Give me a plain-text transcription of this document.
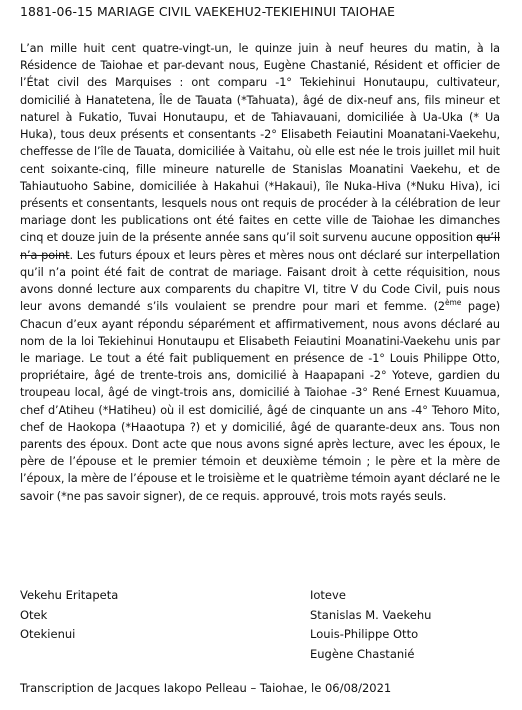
1881-06-15 MARIAGE CIVIL VAEKEHU2-TEKIEHINUI TAIOHAE
L’an mille huit cent quatre-vingt-un, le quinze juin à neuf heures du matin, à la Résidence de Taiohae et par-devant nous, Eugène Chastanié, Résident et officier de l’État civil des Marquises : ont comparu -1° Tekiehinui Honutaupu, cultivateur, domicilié à Hanatetena, Île de Tauata (*Tahuata), âgé de dix-neuf ans, fils mineur et naturel à Fukatio, Tuvai Honutaupu, et de Tahiavauani, domiciliée à Ua-Uka (* Ua Huka), tous deux présents et consentants -2° Elisabeth Feiautini Moanatani-Vaekehu, cheffesse de l’île de Tauata, domiciliée à Vaitahu, où elle est née le trois juillet mil huit cent soixante-cinq, fille mineure naturelle de Stanislas Moanatini Vaekehu, et de Tahiautuoho Sabine, domiciliée à Hakahui (*Hakaui), île Nuka-Hiva (*Nuku Hiva), ici présents et consentants, lesquels nous ont requis de procéder à la célébration de leur mariage dont les publications ont été faites en cette ville de Taiohae les dimanches cinq et douze juin de la présente année sans qu’il soit survenu aucune opposition qu’il n’a point. Les futurs époux et leurs pères et mères nous ont déclaré sur interpellation qu’il n’a point été fait de contrat de mariage. Faisant droit à cette réquisition, nous avons donné lecture aux comparents du chapitre VI, titre V du Code Civil, puis nous leur avons demandé s’ils voulaient se prendre pour mari et femme. (2ème page) Chacun d’eux ayant répondu séparément et affirmativement, nous avons déclaré au nom de la loi Tekiehinui Honutaupu et Elisabeth Feiautini Moanatini-Vaekehu unis par le mariage. Le tout a été fait publiquement en présence de -1° Louis Philippe Otto, propriétaire, âgé de trente-trois ans, domicilié à Haapapani -2° Yoteve, gardien du troupeau local, âgé de vingt-trois ans, domicilié à Taiohae -3° René Ernest Kuuamua, chef d’Atiheu (*Hatiheu) où il est domicilié, âgé de cinquante un ans -4° Tehoro Mito, chef de Haokopa (*Haaotupa ?) et y domicilié, âgé de quarante-deux ans. Tous non parents des époux. Dont acte que nous avons signé après lecture, avec les époux, le père de l’épouse et le premier témoin et deuxième témoin ; le père et la mère de l’époux, la mère de l’épouse et le troisième et le quatrième témoin ayant déclaré ne le savoir (*ne pas savoir signer), de ce requis. approuvé, trois mots rayés seuls.
Vekehu Eritapeta
Otek
Otekienui
Ioteve
Stanislas M. Vaekehu
Louis-Philippe Otto
Eugène Chastanié
Transcription de Jacques Iakopo Pelleau – Taiohae, le 06/08/2021
